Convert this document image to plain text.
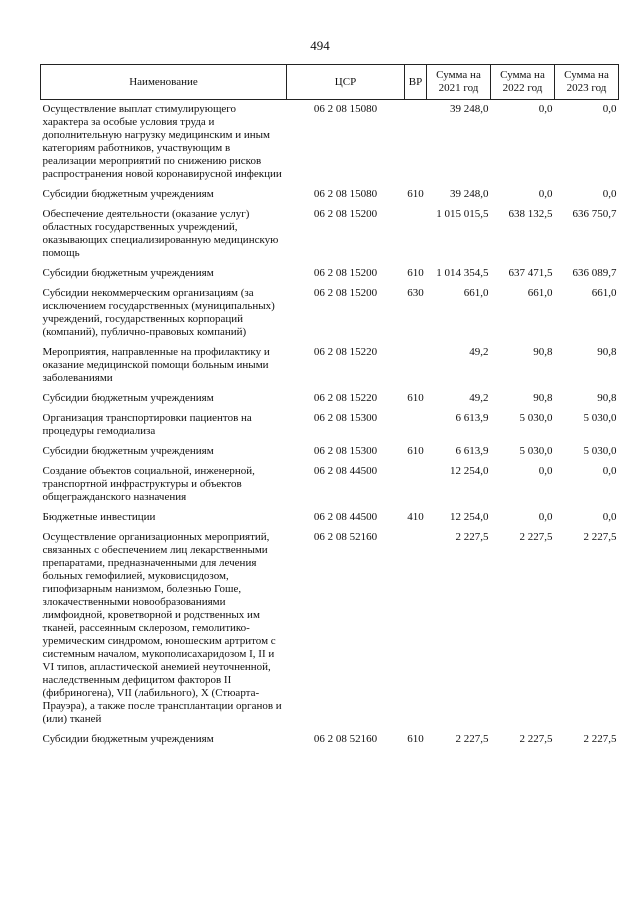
494
Наименование	ЦСР	ВР	Сумма на 2021 год	Сумма на 2022 год	Сумма на 2023 год
Осуществление выплат стимулирующего характера за особые условия труда и дополнительную нагрузку медицинским и иным категориям работников, участвующим в реализации мероприятий по снижению рисков распространения новой коронавирусной инфекции	06 2 08 15080		39 248,0	0,0	0,0
Субсидии бюджетным учреждениям	06 2 08 15080	610	39 248,0	0,0	0,0
Обеспечение деятельности (оказание услуг) областных государственных учреждений, оказывающих специализированную медицинскую помощь	06 2 08 15200		1 015 015,5	638 132,5	636 750,7
Субсидии бюджетным учреждениям	06 2 08 15200	610	1 014 354,5	637 471,5	636 089,7
Субсидии некоммерческим организациям (за исключением государственных (муниципальных) учреждений, государственных корпораций (компаний), публично-правовых компаний)	06 2 08 15200	630	661,0	661,0	661,0
Мероприятия, направленные на профилактику и оказание медицинской помощи больным иными заболеваниями	06 2 08 15220		49,2	90,8	90,8
Субсидии бюджетным учреждениям	06 2 08 15220	610	49,2	90,8	90,8
Организация транспортировки пациентов на процедуры гемодиализа	06 2 08 15300		6 613,9	5 030,0	5 030,0
Субсидии бюджетным учреждениям	06 2 08 15300	610	6 613,9	5 030,0	5 030,0
Создание объектов социальной, инженерной, транспортной инфраструктуры и объектов общегражданского назначения	06 2 08 44500		12 254,0	0,0	0,0
Бюджетные инвестиции	06 2 08 44500	410	12 254,0	0,0	0,0
Осуществление организационных мероприятий, связанных с обеспечением лиц лекарственными препаратами, предназначенными для лечения больных гемофилией, муковисцидозом, гипофизарным нанизмом, болезнью Гоше, злокачественными новообразованиями лимфоидной, кроветворной и родственных им тканей, рассеянным склерозом, гемолитико-уремическим синдромом, юношеским артритом с системным началом, мукополисахаридозом I, II и VI типов, апластической анемией неуточненной, наследственным дефицитом факторов II (фибриногена), VII (лабильного), X (Стюарта-Прауэра), а также после трансплантации органов и (или) тканей	06 2 08 52160		2 227,5	2 227,5	2 227,5
Субсидии бюджетным учреждениям	06 2 08 52160	610	2 227,5	2 227,5	2 227,5
